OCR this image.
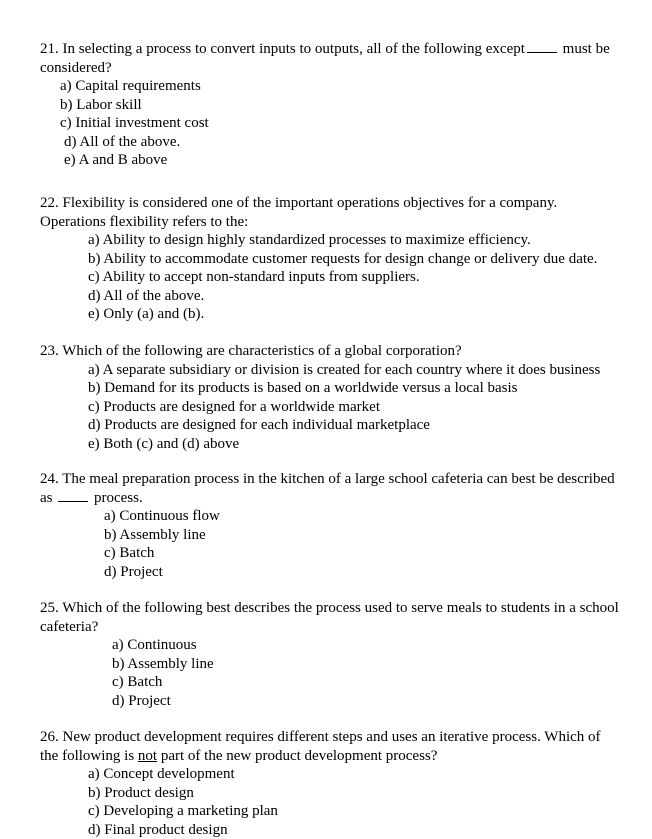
21. In selecting a process to convert inputs to outputs, all of the following except	must be
considered?
a) Capital requirements
b) Labor skill
c) Initial investment cost
d) All of the above.
e) A and B above
22. Flexibility is considered one of the important operations objectives for a company.
Operations flexibility refers to the:
a) Ability to design highly standardized processes to maximize efficiency.
b) Ability to accommodate customer requests for design change or delivery due date.
c) Ability to accept non-standard inputs from suppliers.
d) All of the above.
e) Only (a) and (b).
23. Which of the following are characteristics of a global corporation?
a) A separate subsidiary or division is created for each country where it does business
b) Demand for its products is based on a worldwide versus a local basis
c) Products are designed for a worldwide market
d) Products are designed for each individual marketplace
e) Both (c) and (d) above
24. The meal preparation process in the kitchen of a large school cafeteria can best be described
as	process.
a) Continuous flow
b) Assembly line
c) Batch
d) Project
25. Which of the following best describes the process used to serve meals to students in a school
cafeteria?
a) Continuous
b) Assembly line
c) Batch
d) Project
26. New product development requires different steps and uses an iterative process. Which of
the following is not part of the new product development process?
a) Concept development
b) Product design
c) Developing a marketing plan
d) Final product design
